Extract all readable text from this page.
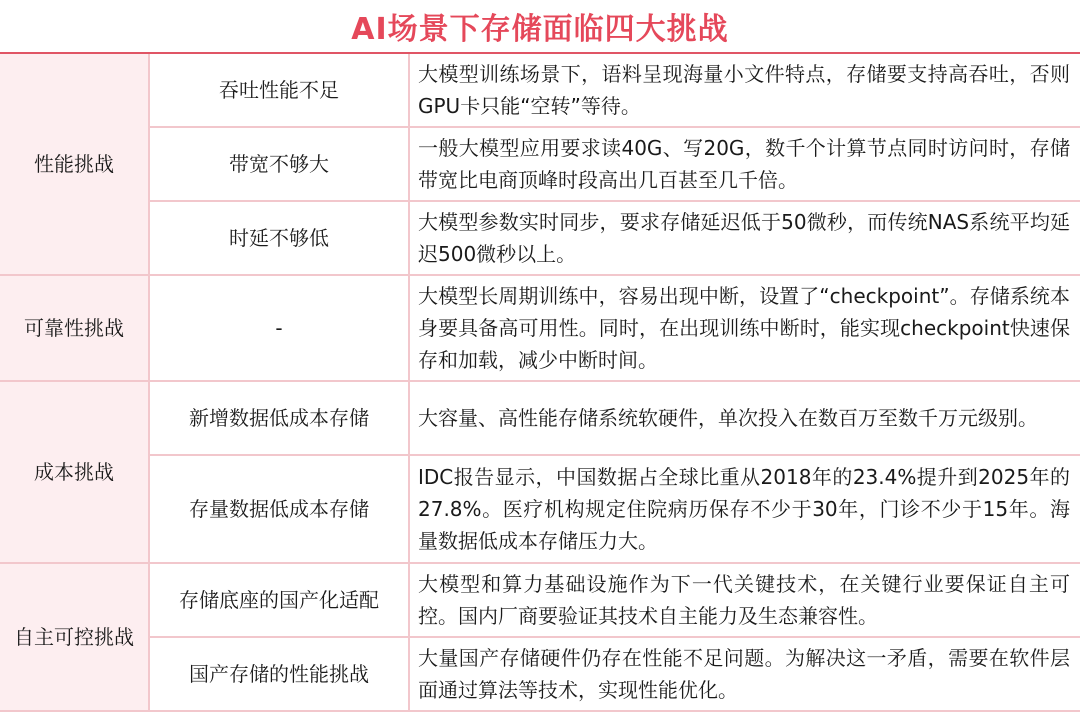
AI场景下存储面临四大挑战
性能挑战
可靠性挑战
成本挑战
自主可控挑战
吞吐性能不足
大模型训练场景下，语料呈现海量小文件特点，存储要支持高吞吐，否则GPU卡只能“空转”等待。
带宽不够大
一般大模型应用要求读40G、写20G，数千个计算节点同时访问时，存储带宽比电商顶峰时段高出几百甚至几千倍。
时延不够低
大模型参数实时同步，要求存储延迟低于50微秒，而传统NAS系统平均延迟500微秒以上。
-
大模型长周期训练中，容易出现中断，设置了“checkpoint”。存储系统本身要具备高可用性。同时，在出现训练中断时，能实现checkpoint快速保存和加载，减少中断时间。
新增数据低成本存储	大容量、高性能存储系统软硬件，单次投入在数百万至数千万元级别。
存量数据低成本存储
IDC报告显示，中国数据占全球比重从2018年的23.4%提升到2025年的27.8%。医疗机构规定住院病历保存不少于30年，门诊不少于15年。海量数据低成本存储压力大。
存储底座的国产化适配
大模型和算力基础设施作为下一代关键技术，在关键行业要保证自主可控。国内厂商要验证其技术自主能力及生态兼容性。
国产存储的性能挑战
大量国产存储硬件仍存在性能不足问题。为解决这一矛盾，需要在软件层面通过算法等技术，实现性能优化。
